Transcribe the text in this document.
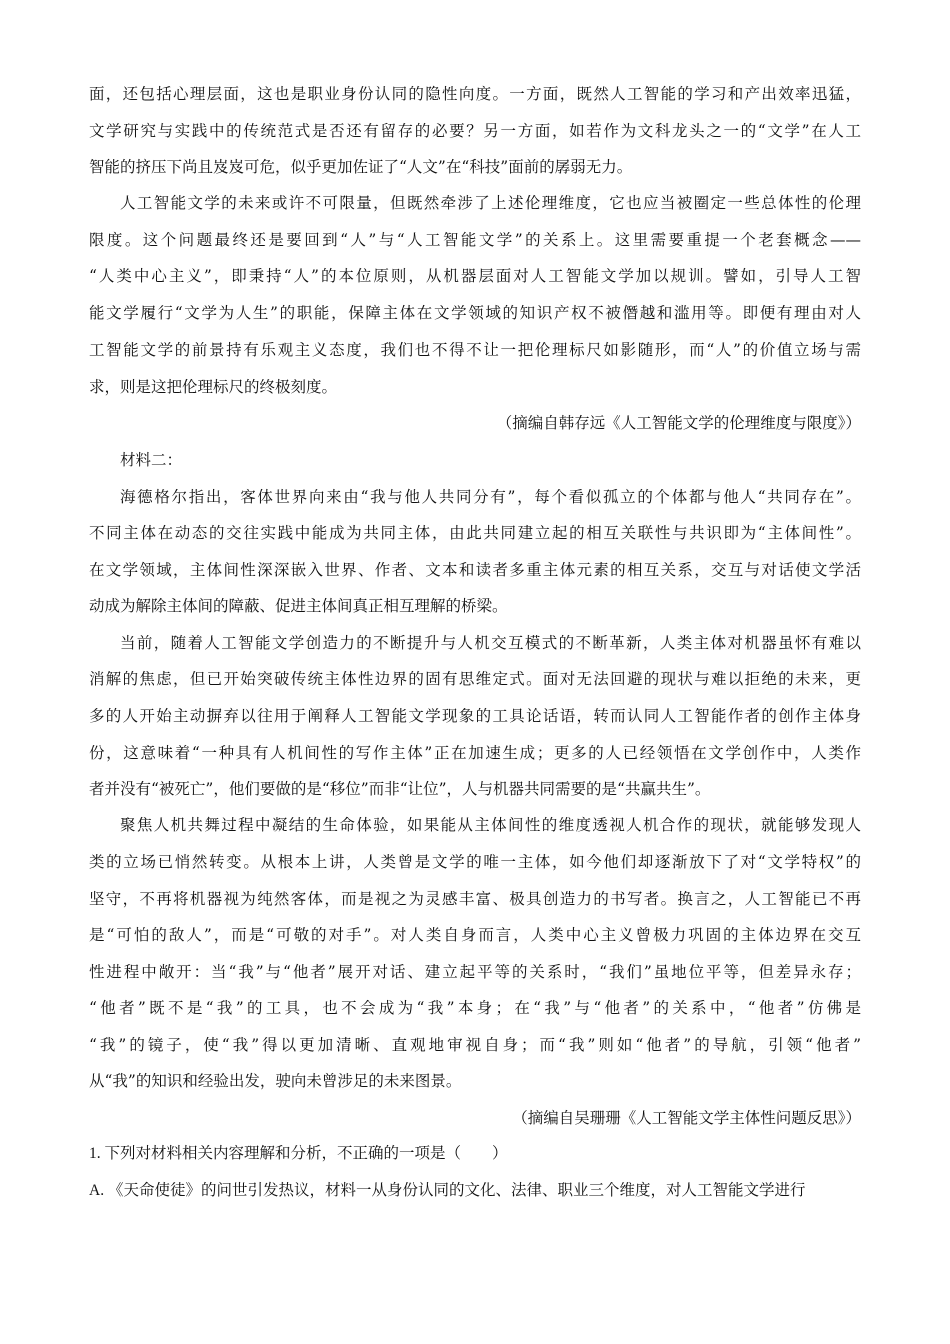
面，还包括心理层面，这也是职业身份认同的隐性向度。一方面，既然人工智能的学习和产出效率迅猛，
文学研究与实践中的传统范式是否还有留存的必要？另一方面，如若作为文科龙头之一的“文学”在人工
智能的挤压下尚且岌岌可危，似乎更加佐证了“人文”在“科技”面前的孱弱无力。
人工智能文学的未来或许不可限量，但既然牵涉了上述伦理维度，它也应当被圈定一些总体性的伦理
限度。这个问题最终还是要回到“人”与“人工智能文学”的关系上。这里需要重提一个老套概念——
“人类中心主义”，即秉持“人”的本位原则，从机器层面对人工智能文学加以规训。譬如，引导人工智
能文学履行“文学为人生”的职能，保障主体在文学领域的知识产权不被僭越和滥用等。即便有理由对人
工智能文学的前景持有乐观主义态度，我们也不得不让一把伦理标尺如影随形，而“人”的价值立场与需
求，则是这把伦理标尺的终极刻度。
（摘编自韩存远《人工智能文学的伦理维度与限度》）
材料二：
海德格尔指出，客体世界向来由“我与他人共同分有”，每个看似孤立的个体都与他人“共同存在”。
不同主体在动态的交往实践中能成为共同主体，由此共同建立起的相互关联性与共识即为“主体间性”。
在文学领域，主体间性深深嵌入世界、作者、文本和读者多重主体元素的相互关系，交互与对话使文学活
动成为解除主体间的障蔽、促进主体间真正相互理解的桥梁。
当前，随着人工智能文学创造力的不断提升与人机交互模式的不断革新，人类主体对机器虽怀有难以
消解的焦虑，但已开始突破传统主体性边界的固有思维定式。面对无法回避的现状与难以拒绝的未来，更
多的人开始主动摒弃以往用于阐释人工智能文学现象的工具论话语，转而认同人工智能作者的创作主体身
份，这意味着“一种具有人机间性的写作主体”正在加速生成；更多的人已经领悟在文学创作中，人类作
者并没有“被死亡”，他们要做的是“移位”而非“让位”，人与机器共同需要的是“共赢共生”。
聚焦人机共舞过程中凝结的生命体验，如果能从主体间性的维度透视人机合作的现状，就能够发现人
类的立场已悄然转变。从根本上讲，人类曾是文学的唯一主体，如今他们却逐渐放下了对“文学特权”的
坚守，不再将机器视为纯然客体，而是视之为灵感丰富、极具创造力的书写者。换言之，人工智能已不再
是“可怕的敌人”，而是“可敬的对手”。对人类自身而言，人类中心主义曾极力巩固的主体边界在交互
性进程中敞开：当“我”与“他者”展开对话、建立起平等的关系时，“我们”虽地位平等，但差异永存；
“他者”既不是“我”的工具，也不会成为“我”本身；在“我”与“他者”的关系中，“他者”仿佛是
“我”的镜子，使“我”得以更加清晰、直观地审视自身；而“我”则如“他者”的导航，引领“他者”
从“我”的知识和经验出发，驶向未曾涉足的未来图景。
（摘编自吴珊珊《人工智能文学主体性问题反思》）
1. 下列对材料相关内容理解和分析，不正确的一项是（　　）
A. 《天命使徒》的问世引发热议，材料一从身份认同的文化、法律、职业三个维度，对人工智能文学进行
